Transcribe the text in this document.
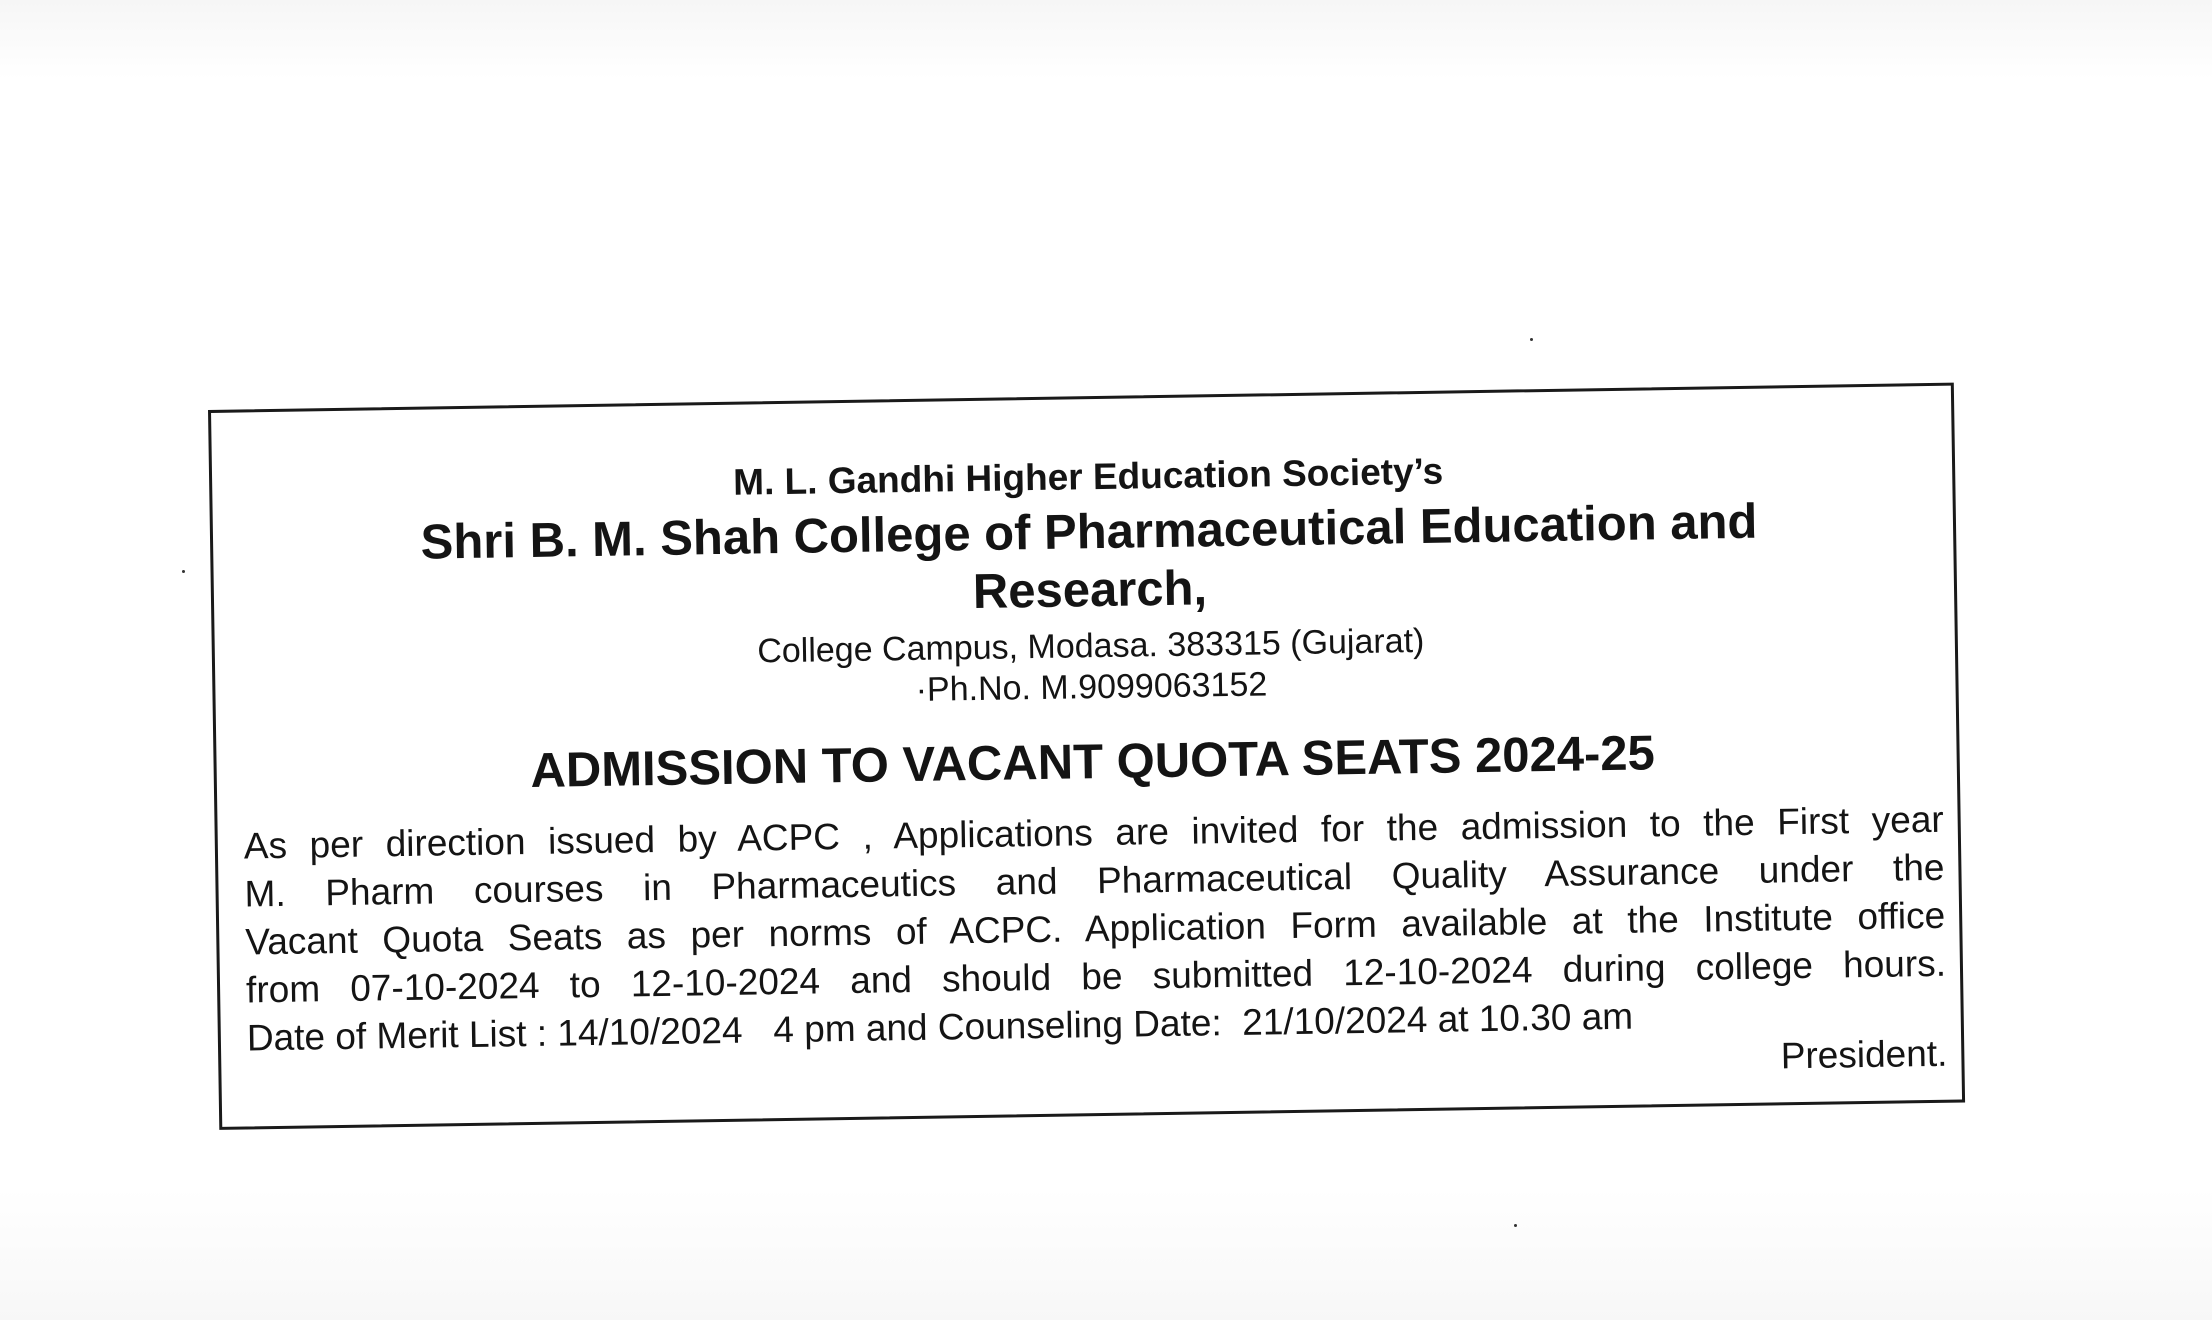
M. L. Gandhi Higher Education Society’s

Shri B. M. Shah College of Pharmaceutical Education and

Research,

College Campus, Modasa. 383315 (Gujarat)

·Ph.No. M.9099063152

ADMISSION TO VACANT QUOTA SEATS 2024-25

As per direction issued by ACPC , Applications are invited for the admission to the First year
M. Pharm courses in Pharmaceutics and Pharmaceutical Quality Assurance under the
Vacant Quota Seats as per norms of ACPC. Application Form available at the Institute office
from 07-10-2024 to 12-10-2024 and should be submitted 12-10-2024 during college hours.
Date of Merit List : 14/10/2024   4 pm and Counseling Date:  21/10/2024 at 10.30 am	President.
